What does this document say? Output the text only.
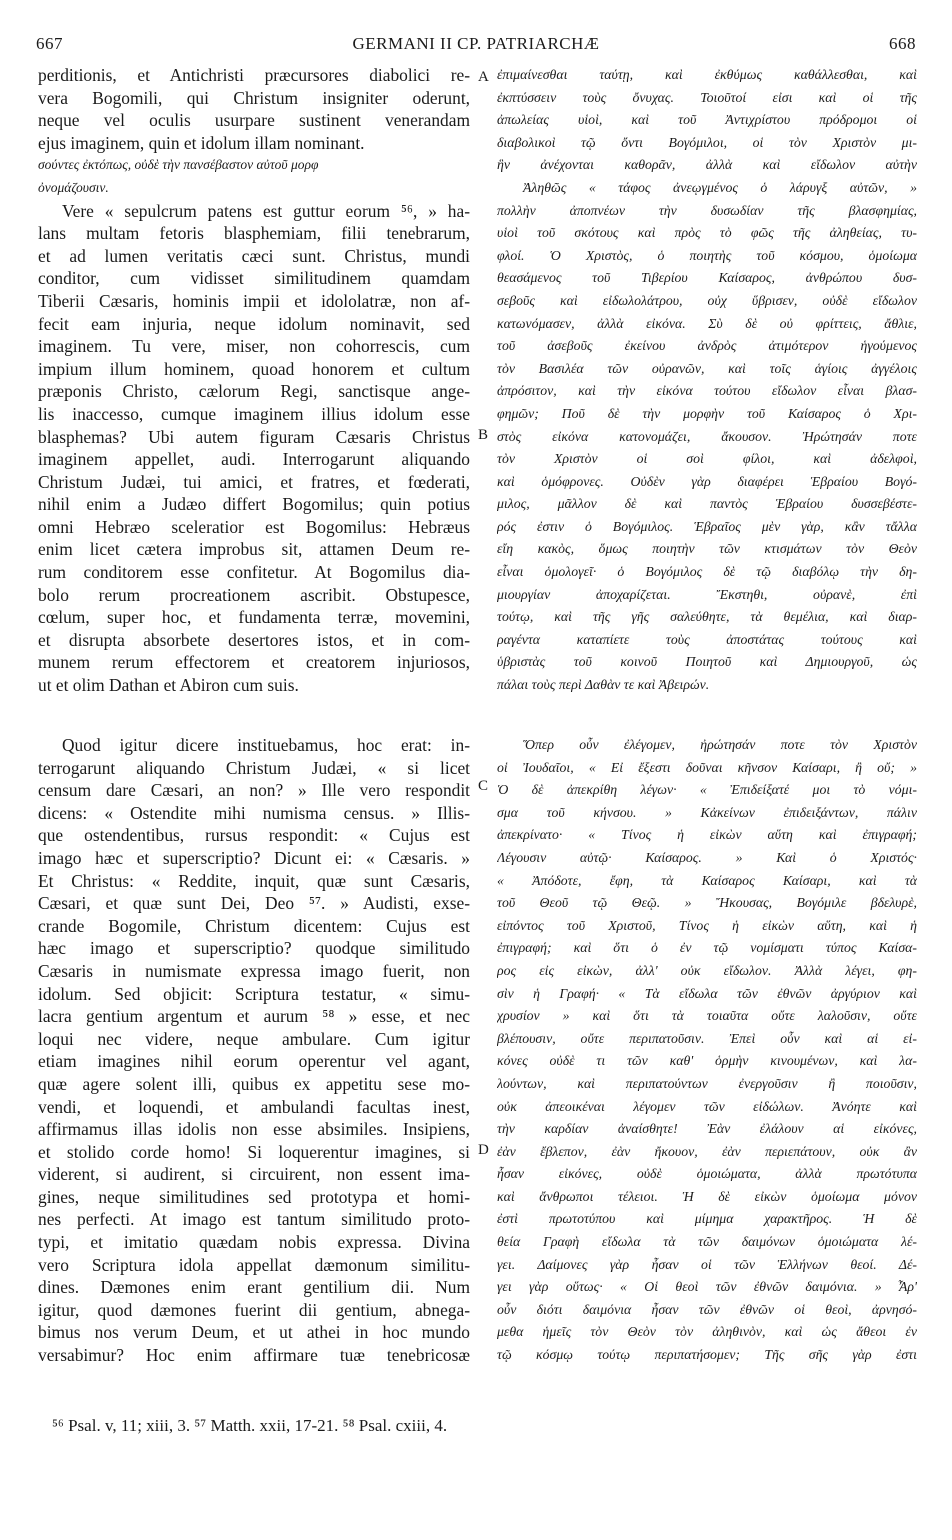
667	GERMANI II CP. PATRIARCHÆ	668
perditionis, et Antichristi præcursores diabolici re-
vera Bogomili, qui Christum insigniter oderunt,
neque vel oculis usurpare sustinent venerandam
ejus imaginem, quin et idolum illam nominant.
σούντες ἐκτόπως, οὐδὲ τὴν πανσέβαστον αὐτοῦ μορφ
ὀνομάζουσιν.
Vere « sepulcrum patens est guttur eorum ⁵⁶, » ha-
lans multam fetoris blasphemiam, filii tenebrarum,
et ad lumen veritatis cæci sunt. Christus, mundi
conditor, cum vidisset similitudinem quamdam
Tiberii Cæsaris, hominis impii et idololatræ, non af-
fecit eam injuria, neque idolum nominavit, sed
imaginem. Tu vere, miser, non cohorrescis, cum
impium illum hominem, quoad honorem et cultum
præponis Christo, cælorum Regi, sanctisque ange-
lis inaccesso, cumque imaginem illius idolum esse
blasphemas? Ubi autem figuram Cæsaris Christus
imaginem appellet, audi. Interrogarunt aliquando
Christum Judæi, tui amici, et fratres, et fœderati,
nihil enim a Judæo differt Bogomilus; quin potius
omni Hebræo sceleratior est Bogomilus: Hebræus
enim licet cætera improbus sit, attamen Deum re-
rum conditorem esse confitetur. At Bogomilus dia-
bolo rerum procreationem ascribit. Obstupesce,
cœlum, super hoc, et fundamenta terræ, movemini,
et disrupta absorbete desertores istos, et in com-
munem rerum effectorem et creatorem injuriosos,
ut et olim Dathan et Abiron cum suis.
Quod igitur dicere instituebamus, hoc erat: in-
terrogarunt aliquando Christum Judæi, « si licet
censum dare Cæsari, an non? » Ille vero respondit
dicens: « Ostendite mihi numisma census. » Illis-
que ostendentibus, rursus respondit: « Cujus est
imago hæc et superscriptio? Dicunt ei: « Cæsaris. »
Et Christus: « Reddite, inquit, quæ sunt Cæsaris,
Cæsari, et quæ sunt Dei, Deo ⁵⁷. » Audisti, exse-
crande Bogomile, Christum dicentem: Cujus est
hæc imago et superscriptio? quodque similitudo
Cæsaris in numismate expressa imago fuerit, non
idolum. Sed objicit: Scriptura testatur, « simu-
lacra gentium argentum et aurum ⁵⁸ » esse, et nec
loqui nec videre, neque ambulare. Cum igitur
etiam imagines nihil eorum operentur vel agant,
quæ agere solent illi, quibus ex appetitu sese mo-
vendi, et loquendi, et ambulandi facultas inest,
affirmamus illas idolis non esse absimiles. Insipiens,
et stolido corde homo! Si loquerentur imagines, si
viderent, si audirent, si circuirent, non essent ima-
gines, neque similitudines sed prototypa et homi-
nes perfecti. At imago est tantum similitudo proto-
typi, et imitatio quædam nobis expressa. Divina
vero Scriptura idola appellat dæmonum similitu-
dines. Dæmones enim erant gentilium dii. Num
igitur, quod dæmones fuerint dii gentium, abnega-
bimus nos verum Deum, et ut athei in hoc mundo
versabimur? Hoc enim affirmare tuæ tenebricosæ
ἐπιμαίνεσθαι ταύτῃ, καὶ ἐκθύμως καθάλλεσθαι, καὶ
ἐκπτύσσειν τοὺς ὄνυχας. Τοιοῦτοί εἰσι καὶ οἱ τῆς
ἀπωλείας υἱοὶ, καὶ τοῦ Ἀντιχρίστου πρόδρομοι οἱ
διαβολικοὶ τῷ ὄντι Βογόμιλοι, οἱ τὸν Χριστὸν μι-
ἣν ἀνέχονται καθορᾶν, ἀλλὰ καὶ εἴδωλον αὐτὴν
Ἀληθῶς « τάφος ἀνεῳγμένος ὁ λάρυγξ αὐτῶν, »
πολλὴν ἀποπνέων τὴν δυσωδίαν τῆς βλασφημίας,
υἱοὶ τοῦ σκότους καὶ πρὸς τὸ φῶς τῆς ἀληθείας, τυ-
φλοί. Ὁ Χριστὸς, ὁ ποιητὴς τοῦ κόσμου, ὁμοίωμα
θεασάμενος τοῦ Τιβερίου Καίσαρος, ἀνθρώπου δυσ-
σεβοῦς καὶ εἰδωλολάτρου, οὐχ ὕβρισεν, οὐδὲ εἴδωλον
κατωνόμασεν, ἀλλὰ εἰκόνα. Σὺ δὲ οὐ φρίττεις, ἄθλιε,
τοῦ ἀσεβοῦς ἐκείνου ἀνδρὸς ἀτιμότερον ἡγούμενος
τὸν Βασιλέα τῶν οὐρανῶν, καὶ τοῖς ἁγίοις ἀγγέλοις
ἀπρόσιτον, καὶ τὴν εἰκόνα τούτου εἴδωλον εἶναι βλασ-
φημῶν; Ποῦ δὲ τὴν μορφὴν τοῦ Καίσαρος ὁ Χρι-
στὸς εἰκόνα κατονομάζει, ἄκουσον. Ἠρώτησάν ποτε
τὸν Χριστὸν οἱ σοὶ φίλοι, καὶ ἀδελφοὶ,
καὶ ὁμόφρονες. Οὐδὲν γὰρ διαφέρει Ἑβραίου Βογό-
μιλος, μᾶλλον δὲ καὶ παντὸς Ἑβραίου δυσσεβέστε-
ρός ἐστιν ὁ Βογόμιλος. Ἑβραῖος μὲν γὰρ, κἂν τἄλλα
εἴη κακὸς, ὅμως ποιητὴν τῶν κτισμάτων τὸν Θεὸν
εἶναι ὁμολογεῖ· ὁ Βογόμιλος δὲ τῷ διαβόλῳ τὴν δη-
μιουργίαν ἀποχαρίζεται. Ἔκστηθι, οὐρανὲ, ἐπὶ
τούτῳ, καὶ τῆς γῆς σαλεύθητε, τὰ θεμέλια, καὶ διαρ-
ραγέντα καταπίετε τοὺς ἀποστάτας τούτους καὶ
ὑβριστὰς τοῦ κοινοῦ Ποιητοῦ καὶ Δημιουργοῦ, ὡς
πάλαι τοὺς περὶ Δαθὰν τε καὶ Ἀβειρών.
Ὅπερ οὖν ἐλέγομεν, ἠρώτησάν ποτε τὸν Χριστὸν
οἱ Ἰουδαῖοι, « Εἰ ἔξεστι δοῦναι κῆνσον Καίσαρι, ἢ οὔ; »
Ὁ δὲ ἀπεκρίθη λέγων· « Ἐπιδείξατέ μοι τὸ νόμι-
σμα τοῦ κήνσου. » Κἀκείνων ἐπιδειξάντων, πάλιν
ἀπεκρίνατο· « Τίνος ἡ εἰκὼν αὕτη καὶ ἐπιγραφή;
Λέγουσιν αὐτῷ· Καίσαρος. » Καὶ ὁ Χριστός·
« Ἀπόδοτε, ἔφη, τὰ Καίσαρος Καίσαρι, καὶ τὰ
τοῦ Θεοῦ τῷ Θεῷ. » Ἤκουσας, Βογόμιλε βδελυρὲ,
εἰπόντος τοῦ Χριστοῦ, Τίνος ἡ εἰκὼν αὕτη, καὶ ἡ
ἐπιγραφή; καὶ ὅτι ὁ ἐν τῷ νομίσματι τύπος Καίσα-
ρος εἰς εἰκὼν, ἀλλ' οὐκ εἴδωλον. Ἀλλὰ λέγει, φη-
σὶν ἡ Γραφή· « Τὰ εἴδωλα τῶν ἐθνῶν ἀργύριον καὶ
χρυσίον » καὶ ὅτι τὰ τοιαῦτα οὔτε λαλοῦσιν, οὔτε
βλέπουσιν, οὔτε περιπατοῦσιν. Ἐπεὶ οὖν καὶ αἱ εἰ-
κόνες οὐδὲ τι τῶν καθ' ὁρμὴν κινουμένων, καὶ λα-
λούντων, καὶ περιπατούντων ἐνεργοῦσιν ἢ ποιοῦσιν,
οὐκ ἀπεοικέναι λέγομεν τῶν εἰδώλων. Ἀνόητε καὶ
τὴν καρδίαν ἀναίσθητε! Ἐὰν ἐλάλουν αἱ εἰκόνες,
ἐὰν ἔβλεπον, ἐὰν ἤκουον, ἐὰν περιεπάτουν, οὐκ ἂν
ἦσαν εἰκόνες, οὐδὲ ὁμοιώματα, ἀλλὰ πρωτότυπα
καὶ ἄνθρωποι τέλειοι. Ἡ δὲ εἰκὼν ὁμοίωμα μόνον
ἐστὶ πρωτοτύπου καὶ μίμημα χαρακτῆρος. Ἡ δὲ
θεία Γραφὴ εἴδωλα τὰ τῶν δαιμόνων ὁμοιώματα λέ-
γει. Δαίμονες γὰρ ἦσαν οἱ τῶν Ἑλλήνων θεοί. Δέ-
γει γὰρ οὕτως· « Οἱ θεοὶ τῶν ἐθνῶν δαιμόνια. » Ἆρ'
οὖν διότι δαιμόνια ἦσαν τῶν ἐθνῶν οἱ θεοὶ, ἀρνησό-
μεθα ἡμεῖς τὸν Θεὸν τὸν ἀληθινὸν, καὶ ὡς ἄθεοι ἐν
τῷ κόσμῳ τούτῳ περιπατήσομεν; Τῆς σῆς γὰρ ἐστι
A
B
C
D
⁵⁶ Psal. v, 11; xiii, 3. ⁵⁷ Matth. xxii, 17-21. ⁵⁸ Psal. cxiii, 4.
